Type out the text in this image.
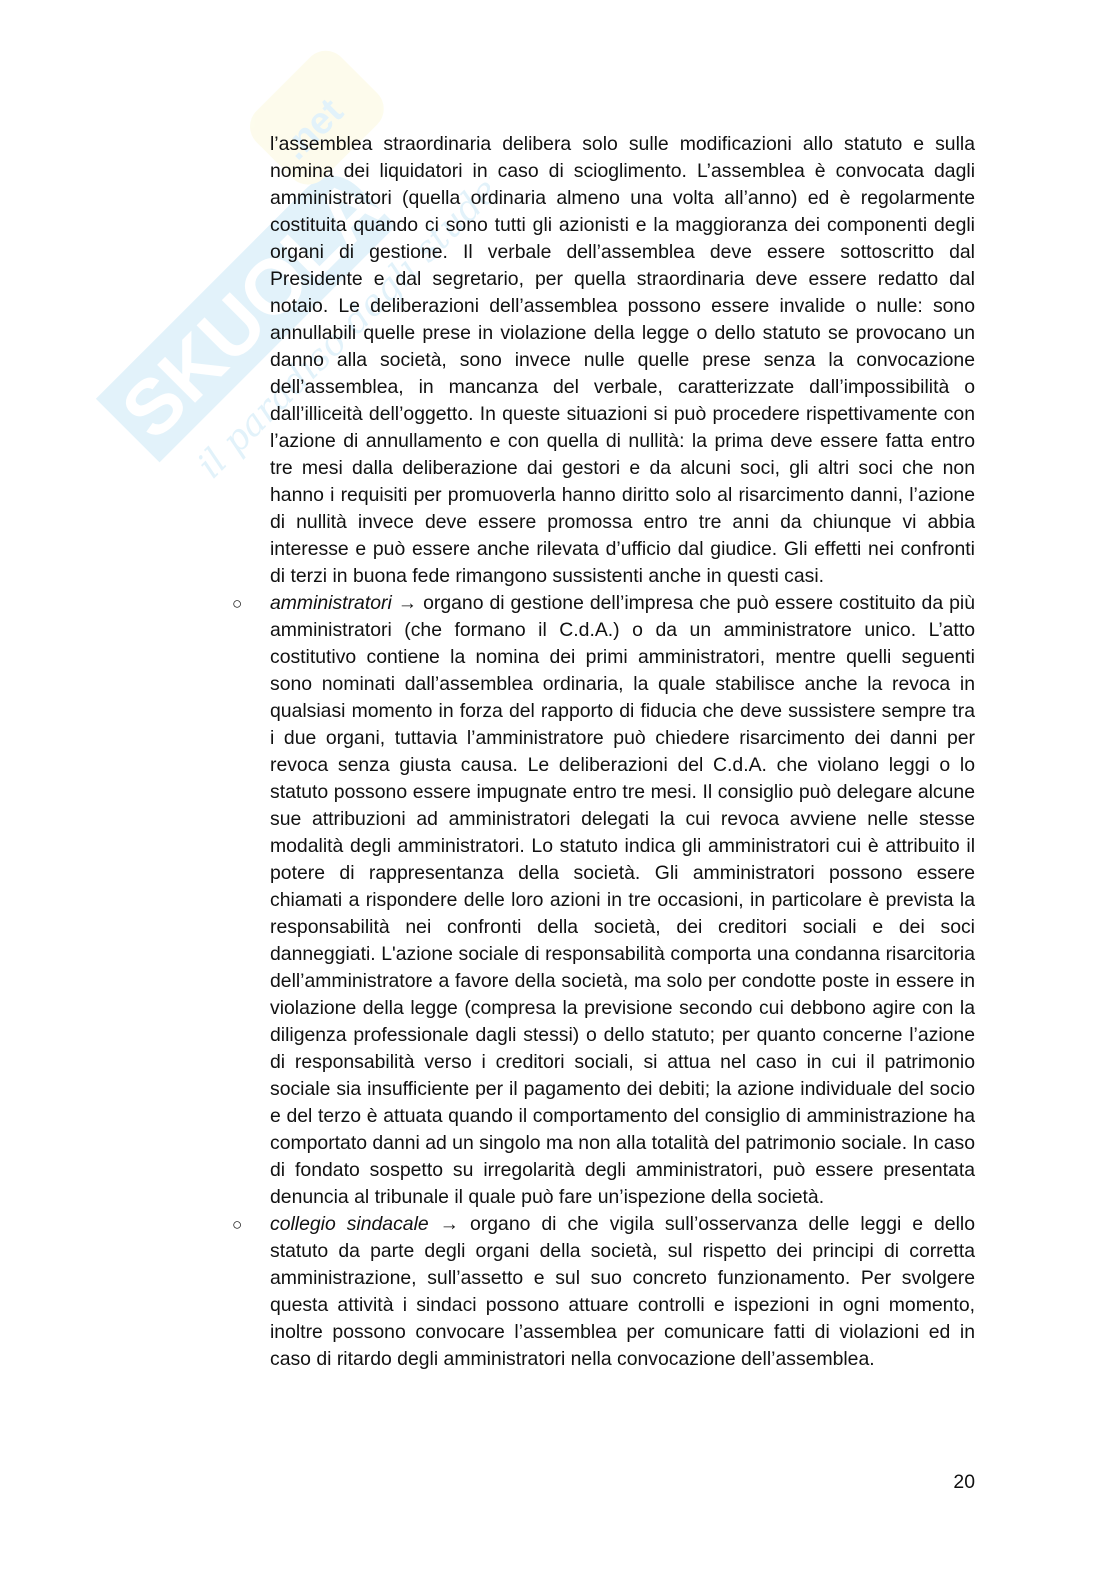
SKUOLA
.net
il paradiso degli studenti

l’assemblea straordinaria delibera solo sulle modificazioni allo statuto e sulla nomina dei liquidatori in caso di scioglimento. L’assemblea è convocata dagli amministratori (quella ordinaria almeno una volta all’anno) ed è regolarmente costituita quando ci sono tutti gli azionisti e la maggioranza dei componenti degli organi di gestione. Il verbale dell’assemblea deve essere sottoscritto dal Presidente e dal segretario, per quella straordinaria deve essere redatto dal notaio. Le deliberazioni dell’assemblea possono essere invalide o nulle: sono annullabili quelle prese in violazione della legge o dello statuto se provocano un danno alla società, sono invece nulle quelle prese senza la convocazione dell’assemblea, in mancanza del verbale, caratterizzate dall’impossibilità o dall’illiceità dell’oggetto. In queste situazioni si può procedere rispettivamente con l’azione di annullamento e con quella di nullità: la prima deve essere fatta entro tre mesi dalla deliberazione dai gestori e da alcuni soci, gli altri soci che non hanno i requisiti per promuoverla hanno diritto solo al risarcimento danni, l’azione di nullità invece deve essere promossa entro tre anni da chiunque vi abbia interesse e può essere anche rilevata d’ufficio dal giudice. Gli effetti nei confronti di terzi in buona fede rimangono sussistenti anche in questi casi.

○ amministratori → organo di gestione dell’impresa che può essere costituito da più amministratori (che formano il C.d.A.) o da un amministratore unico. L’atto costitutivo contiene la nomina dei primi amministratori, mentre quelli seguenti sono nominati dall’assemblea ordinaria, la quale stabilisce anche la revoca in qualsiasi momento in forza del rapporto di fiducia che deve sussistere sempre tra i due organi, tuttavia l’amministratore può chiedere risarcimento dei danni per revoca senza giusta causa. Le deliberazioni del C.d.A. che violano leggi o lo statuto possono essere impugnate entro tre mesi. Il consiglio può delegare alcune sue attribuzioni ad amministratori delegati la cui revoca avviene nelle stesse modalità degli amministratori. Lo statuto indica gli amministratori cui è attribuito il potere di rappresentanza della società. Gli amministratori possono essere chiamati a rispondere delle loro azioni in tre occasioni, in particolare è prevista la responsabilità nei confronti della società, dei creditori sociali e dei soci danneggiati. L'azione sociale di responsabilità comporta una condanna risarcitoria dell’amministratore a favore della società, ma solo per condotte poste in essere in violazione della legge (compresa la previsione secondo cui debbono agire con la diligenza professionale dagli stessi) o dello statuto; per quanto concerne l’azione di responsabilità verso i creditori sociali, si attua nel caso in cui il patrimonio sociale sia insufficiente per il pagamento dei debiti; la azione individuale del socio e del terzo è attuata quando il comportamento del consiglio di amministrazione ha comportato danni ad un singolo ma non alla totalità del patrimonio sociale. In caso di fondato sospetto su irregolarità degli amministratori, può essere presentata denuncia al tribunale il quale può fare un’ispezione della società.
○ collegio sindacale → organo di che vigila sull’osservanza delle leggi e dello statuto da parte degli organi della società, sul rispetto dei principi di corretta amministrazione, sull’assetto e sul suo concreto funzionamento. Per svolgere questa attività i sindaci possono attuare controlli e ispezioni in ogni momento, inoltre possono convocare l’assemblea per comunicare fatti di violazioni ed in caso di ritardo degli amministratori nella convocazione dell’assemblea.
20
